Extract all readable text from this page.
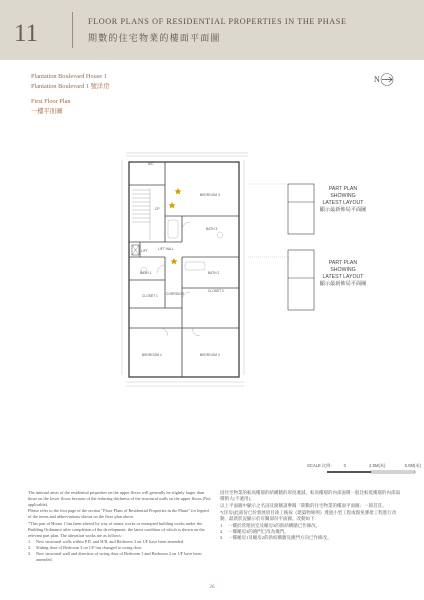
11	FLOOR PLANS OF RESIDENTIAL PROPERTIES IN THE PHASE
期數的住宅物業的樓面平面圖
Plantation Boulevard House 1
Plantation Boulevard 1 號洋房
First Floor Plan
一樓平面圖
N
BEDROOM 3
BATH 3
LIFT HALL
LIFT
BATH 1	BATH 2
CLOSET 1
CLOSET 2
CORRIDOR
BEDROOM 1	BEDROOM 2
A/C
CP
PART PLAN SHOWING
LATEST LAYOUT
顯示最新佈局平面圖
PART PLAN SHOWING
LATEST LAYOUT
顯示最新佈局平面圖
SCALE 比例： 0	2.5M(米)	5.0M(米)

The internal areas of the residential properties on the upper floors will generally be slightly larger than those on the lower floors because of the reducing thickness of the structural walls on the upper floors (Not applicable).

Please refer to the first page of the section "Floor Plans of Residential Properties in the Phase" for legend of the terms and abbreviations shown on the floor plan above.

*This part of House 1 has been altered by way of minor works or exempted building works under the Building Ordinance after completion of the development, the latest condition of which is shown on the relevant part plan. The alteration works are as follows:

1.	New structural walls within P.D. and H.R. and Bedroom 3 on 1/F have been amended.
2.	Sliding door of Bedroom 3 on 1/F has changed to swing door.
3.	New structural wall and direction of swing door of Bedroom 1 and Bedroom 2 on 1/F have been amended.

因住宅物業的較高樓層的結構牆的厚度遞減，較高樓層的內部面積一般比較低樓層的內部面積稍大(不適用)。

以上平面圖中顯示之名詞及簡稱請參閱「期數的住宅物業的樓面平面圖」一節首頁。

*(洋房)此部份已於發展項目竣工後按《建築物條例》透過小型工程或豁免審批工程進行改動，最新狀況顯示於有關部份平面圖。改動如下：

1.	一樓於管理員室及睡房3的新結構牆已作修改。
2.	一樓睡房3的趟門已改為掩門。
3.	一樓睡房1及睡房2的新結構牆及掩門方向已作修改。
26
